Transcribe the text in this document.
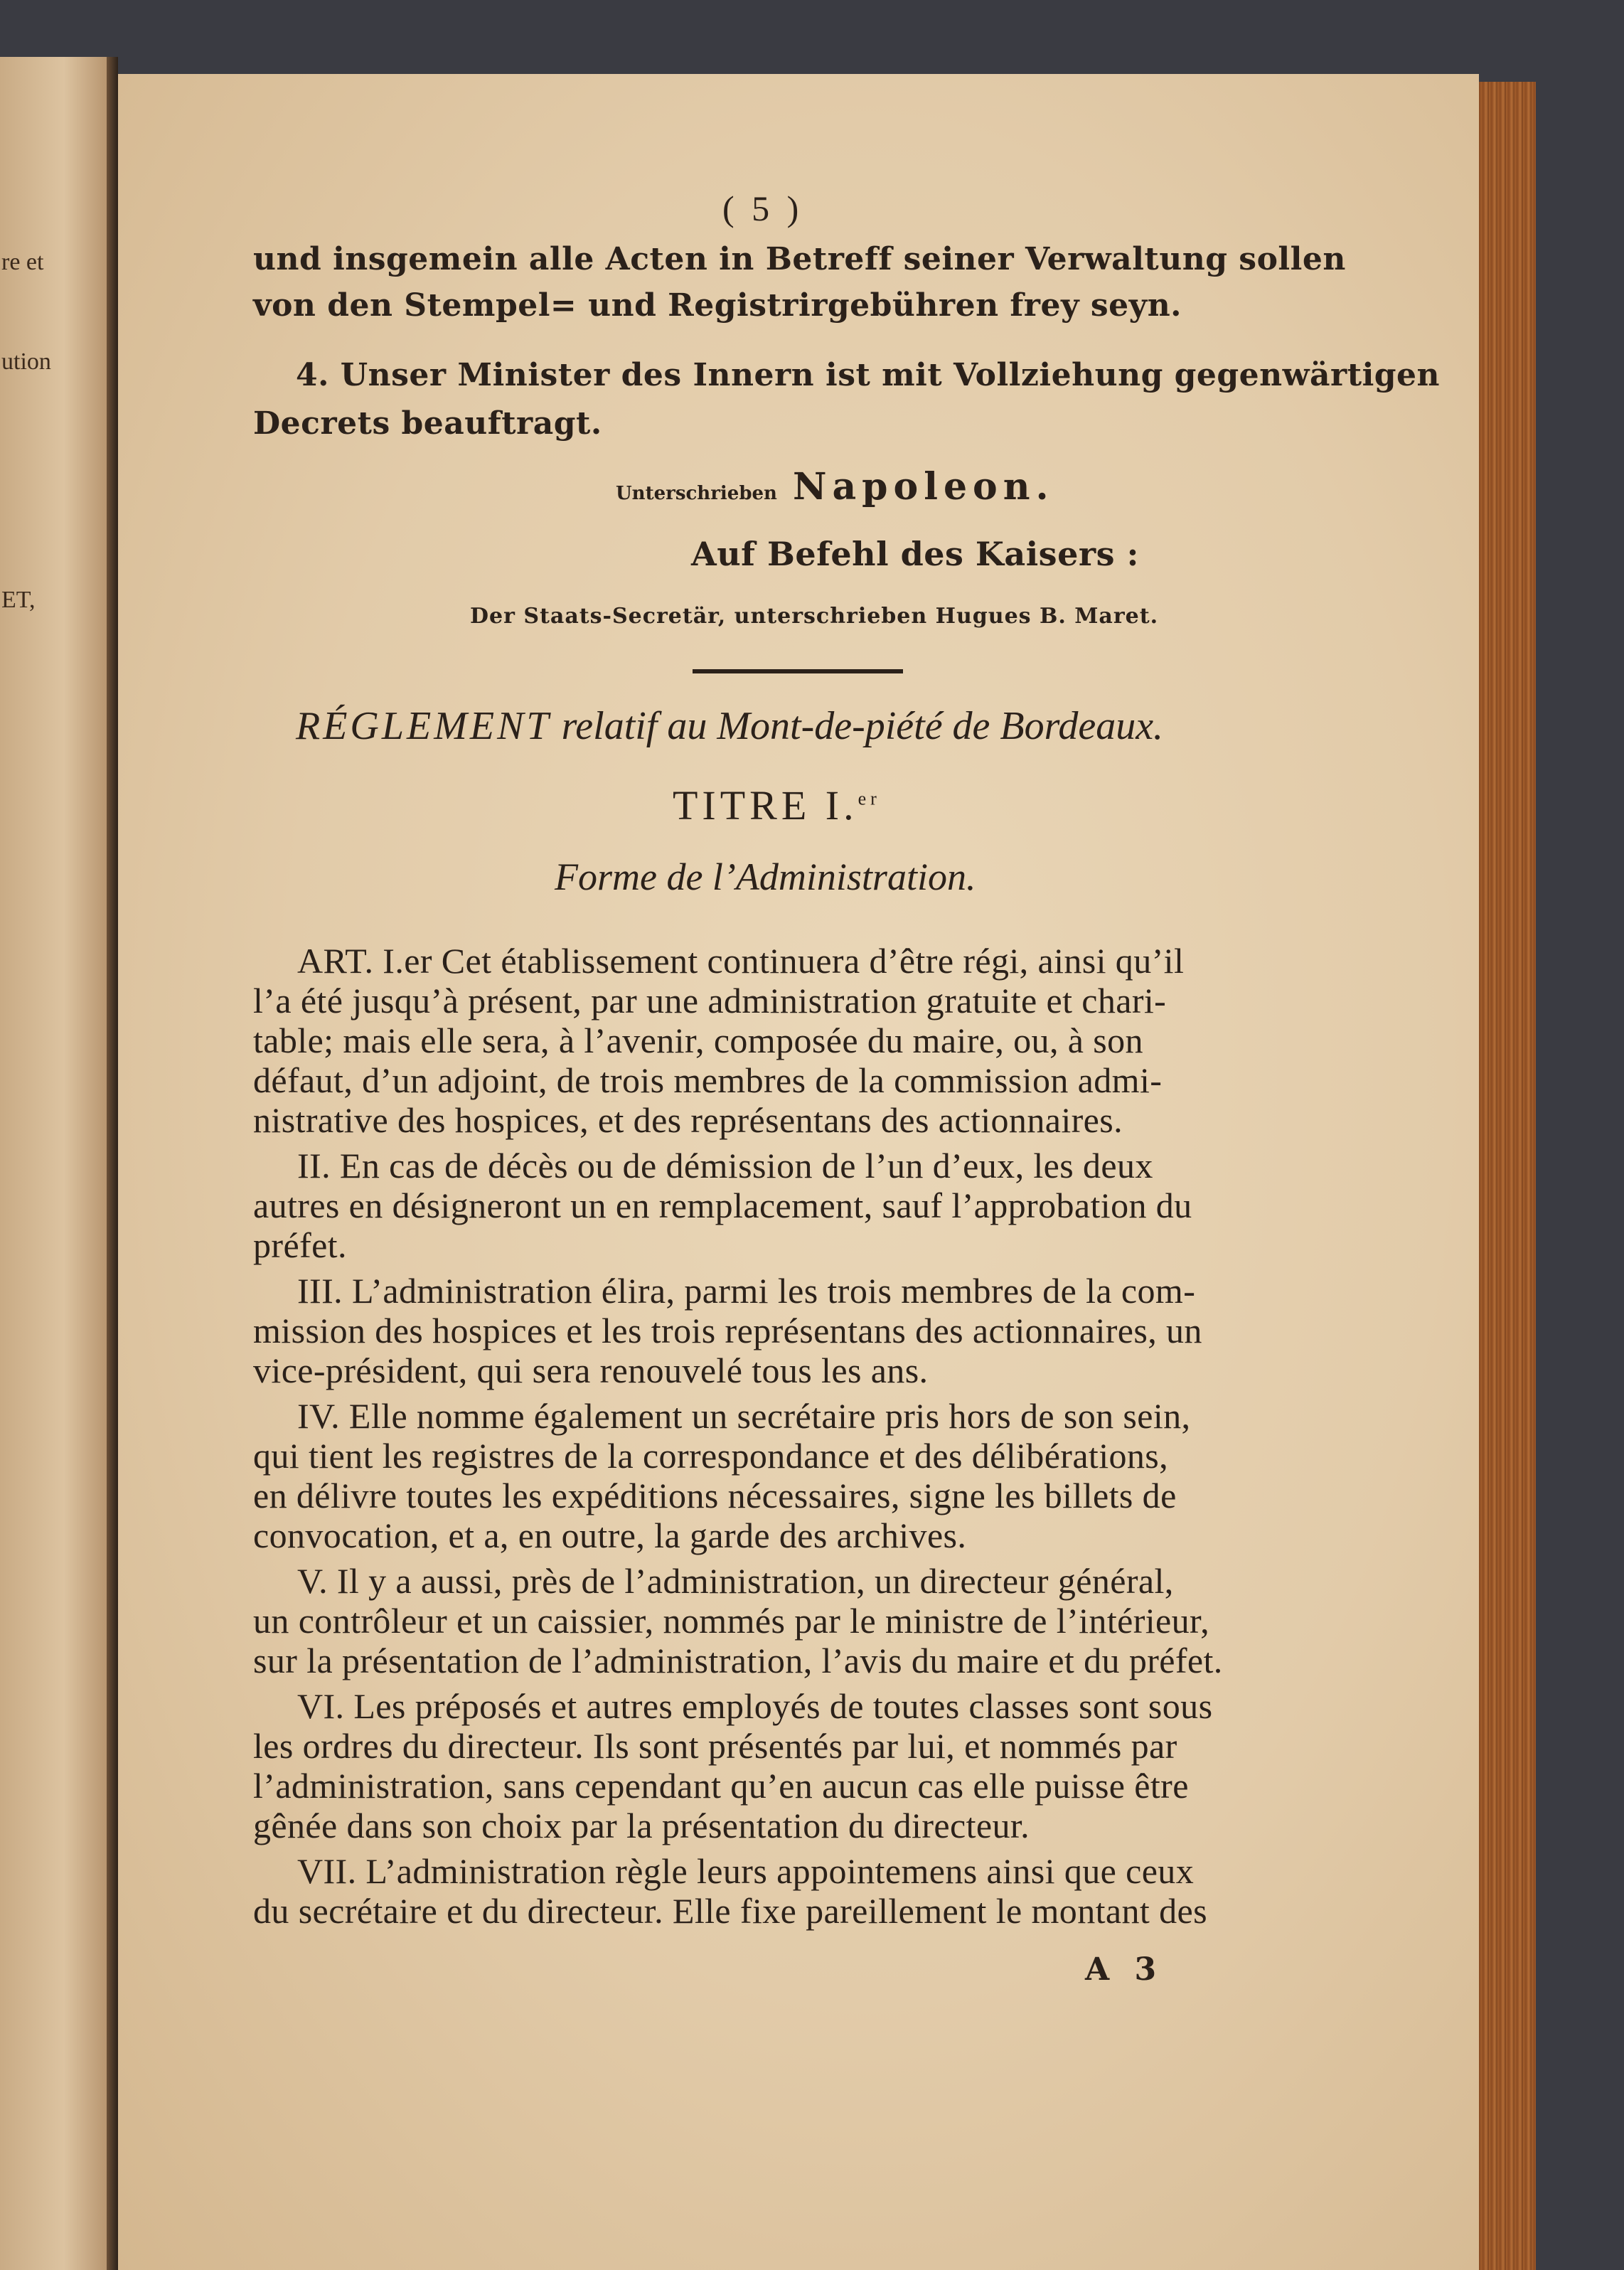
re et
ution
ET,
( 5 )
und insgemein alle Acten in Betreff seiner Verwaltung sollen
von den Stempel= und Registrirgebühren frey seyn.
4. Unser Minister des Innern ist mit Vollziehung gegenwärtigen
Decrets beauftragt.
Unterschrieben Napoleon.
Auf Befehl des Kaisers :
Der Staats-Secretär, unterschrieben Hugues B. Maret.
RÉGLEMENT relatif au Mont-de-piété de Bordeaux.
TITRE I.$^{er}$
Forme de l’Administration.
ART. I.er Cet établissement continuera d’être régi, ainsi qu’il
l’a été jusqu’à présent, par une administration gratuite et chari-
table; mais elle sera, à l’avenir, composée du maire, ou, à son
défaut, d’un adjoint, de trois membres de la commission admi-
nistrative des hospices, et des représentans des actionnaires.
II. En cas de décès ou de démission de l’un d’eux, les deux
autres en désigneront un en remplacement, sauf l’approbation du
préfet.
III. L’administration élira, parmi les trois membres de la com-
mission des hospices et les trois représentans des actionnaires, un
vice-président, qui sera renouvelé tous les ans.
IV. Elle nomme également un secrétaire pris hors de son sein,
qui tient les registres de la correspondance et des délibérations,
en délivre toutes les expéditions nécessaires, signe les billets de
convocation, et a, en outre, la garde des archives.
V. Il y a aussi, près de l’administration, un directeur général,
un contrôleur et un caissier, nommés par le ministre de l’intérieur,
sur la présentation de l’administration, l’avis du maire et du préfet.
VI. Les préposés et autres employés de toutes classes sont sous
les ordres du directeur. Ils sont présentés par lui, et nommés par
l’administration, sans cependant qu’en aucun cas elle puisse être
gênée dans son choix par la présentation du directeur.
VII. L’administration règle leurs appointemens ainsi que ceux
du secrétaire et du directeur. Elle fixe pareillement le montant des
A 3
